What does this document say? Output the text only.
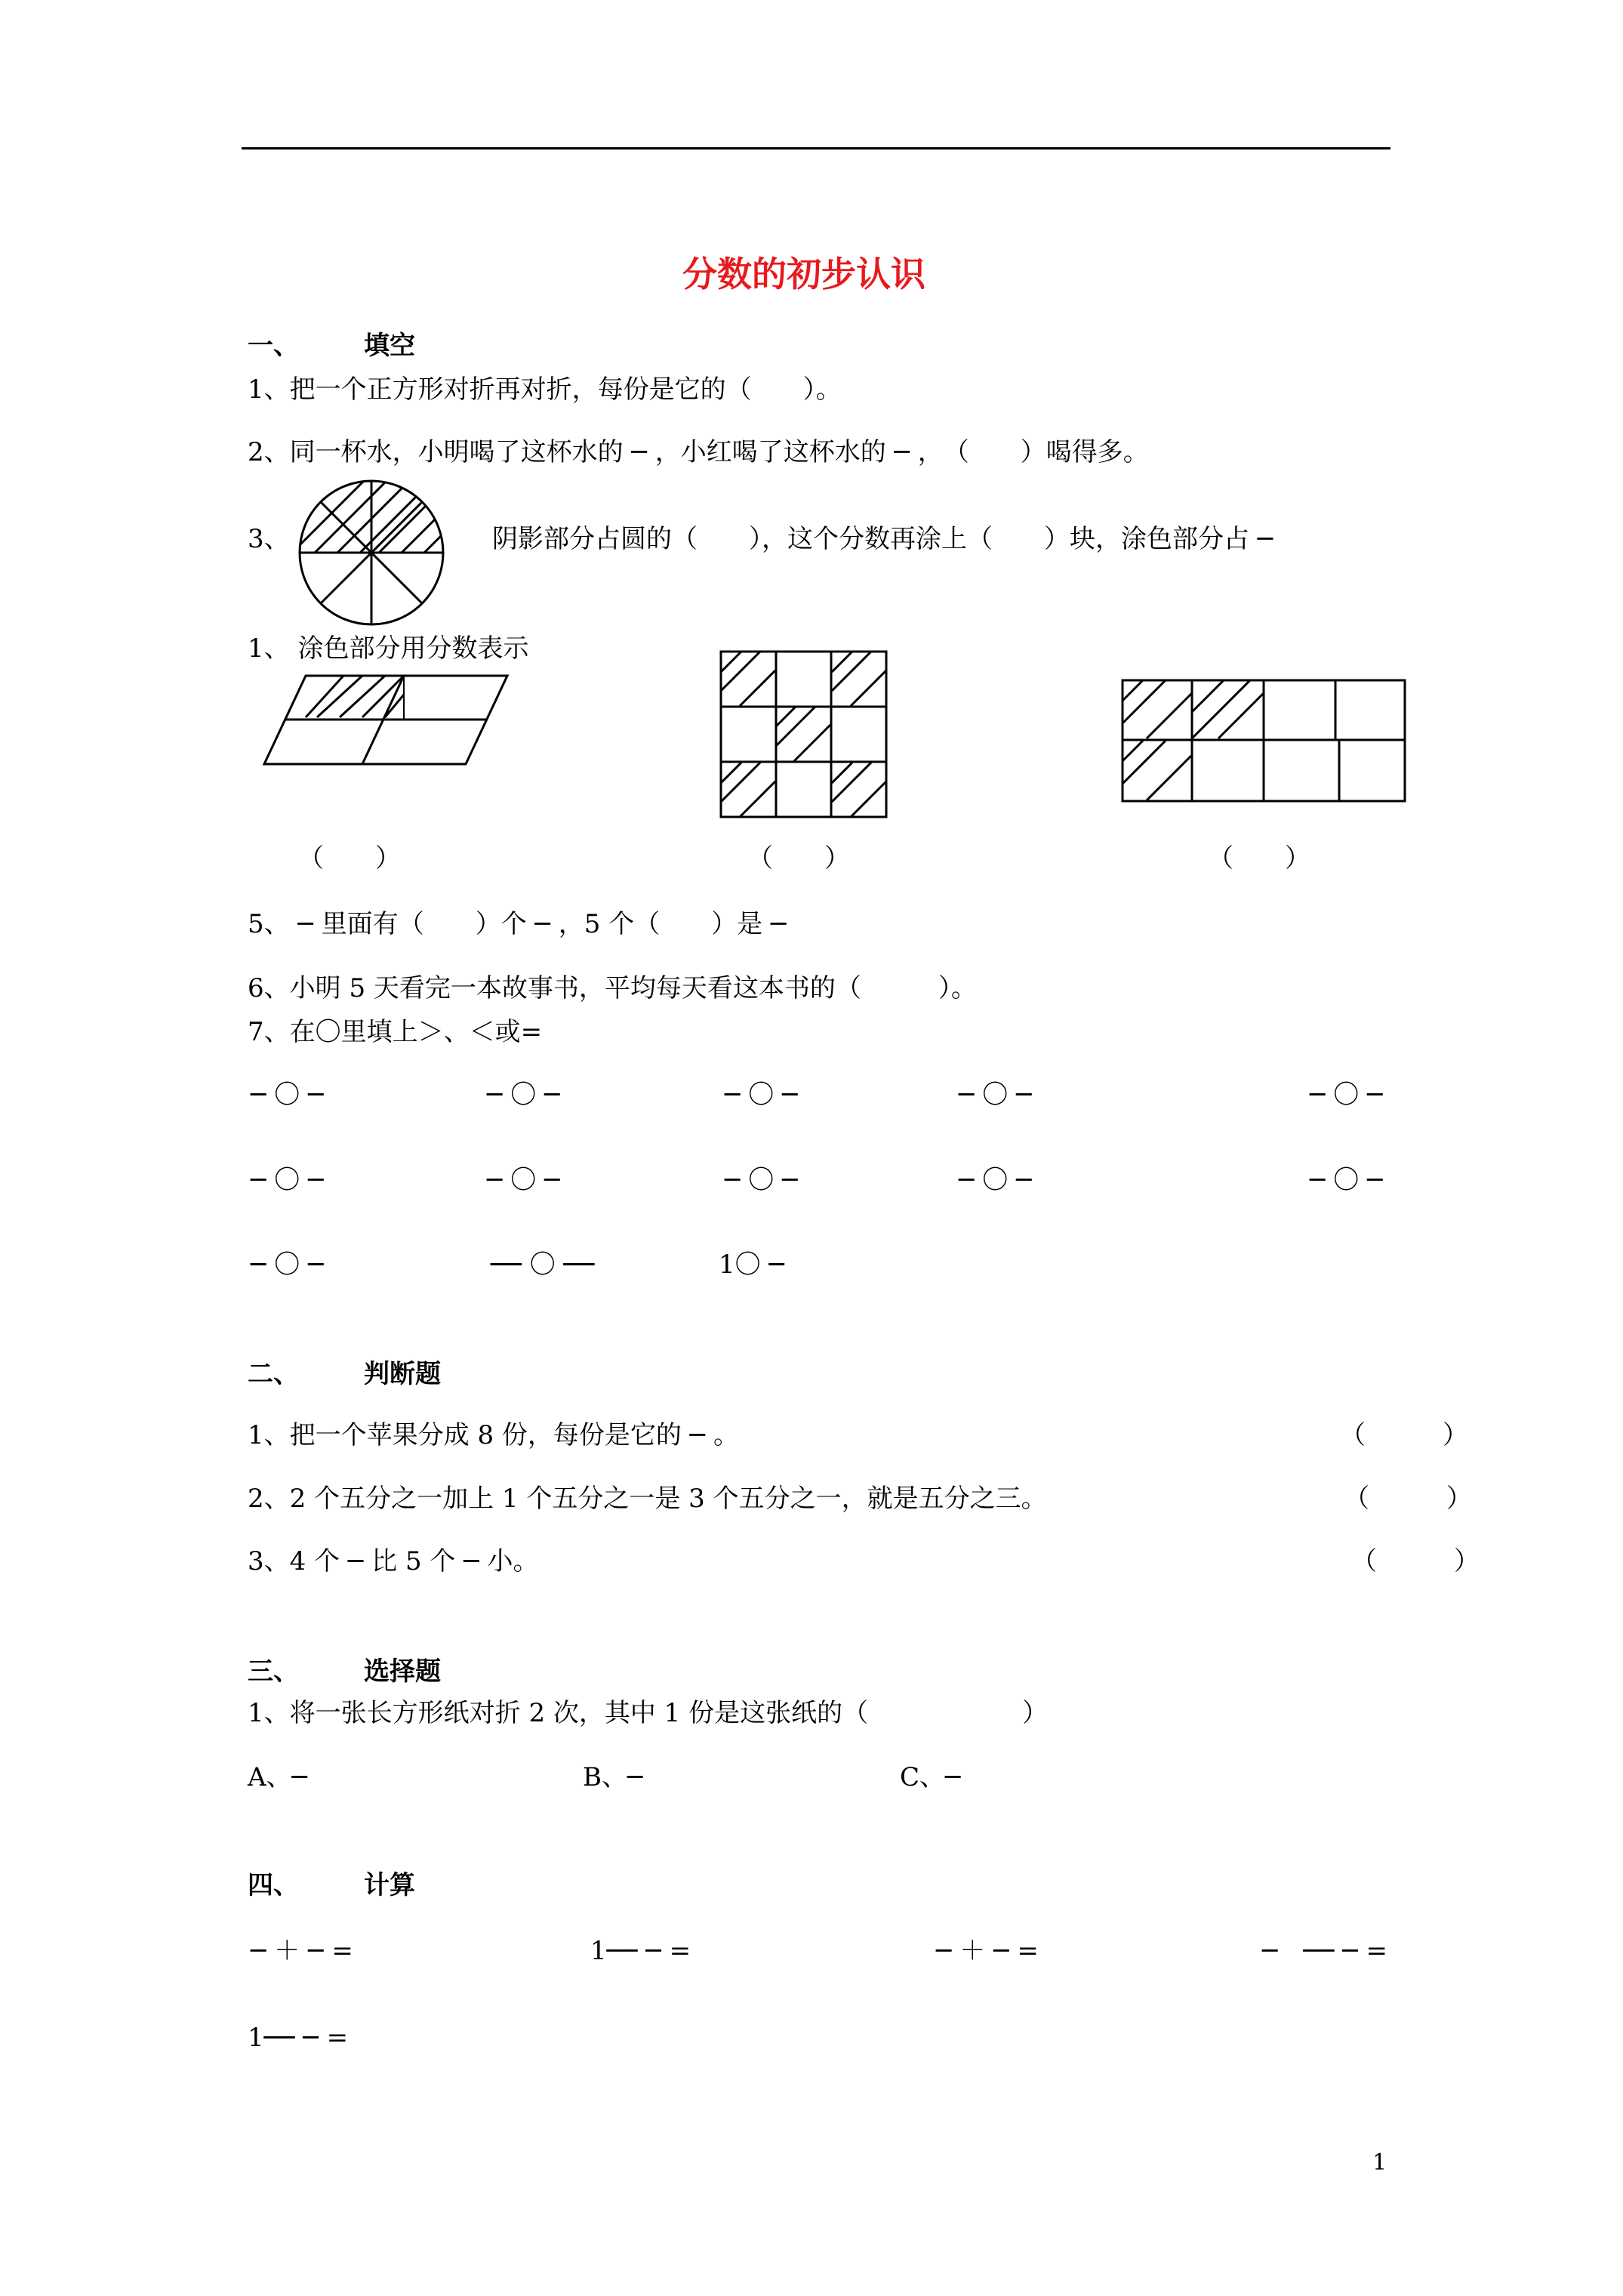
分数的初步认识
一、	填空
1、把一个正方形对折再对折，每份是它的（　　）。
2、同一杯水，小明喝了这杯水的 ─ ，小红喝了这杯水的 ─ ，　（　　）喝得多。
3、	阴影部分占圆的（　　），这个分数再涂上（　　）块，涂色部分占 ─
1、 涂色部分用分数表示
（　　）	（　　）	（　　）
5、 ─ 里面有（　　）个 ─ ，5 个（　　）是 ─
6、小明 5 天看完一本故事书，平均每天看这本书的（　　　）。
7、在〇里填上＞、＜或=
─ 〇 ─	─ 〇 ─	─ 〇 ─	─ 〇 ─	─ 〇 ─
─ 〇 ─	─ 〇 ─	─ 〇 ─	─ 〇 ─	─ 〇 ─
─ 〇 ─	── 〇 ──	1〇 ─
二、	判断题
1、把一个苹果分成 8 份，每份是它的 ─ 。	（　　　）
2、2 个五分之一加上 1 个五分之一是 3 个五分之一，就是五分之三。	（　　　）
3、4 个 ─ 比 5 个 ─ 小。	（　　　）
三、	选择题
1、将一张长方形纸对折 2 次，其中 1 份是这张纸的（　　　　　　）
A、─	B、─	C、─
四、	计算
─ ＋ ─ =	1── ─ =	─ ＋ ─ =	─　── ─ =
1── ─ =
1
